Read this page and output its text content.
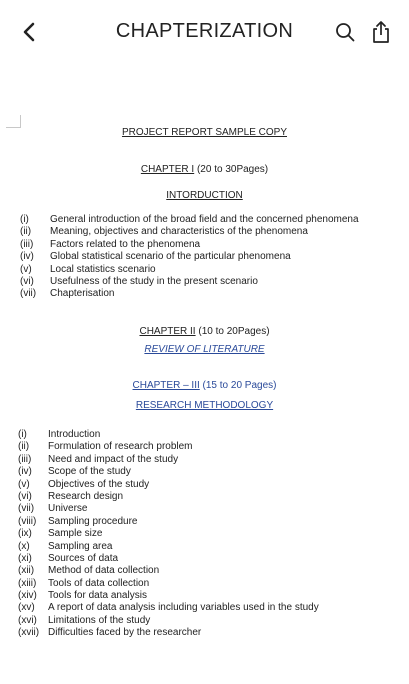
CHAPTERIZATION
PROJECT REPORT SAMPLE COPY
CHAPTER I (20 to 30Pages)
INTORDUCTION
(i) General introduction of the broad field and the concerned phenomena
(ii) Meaning, objectives and characteristics of the phenomena
(iii) Factors related to the phenomena
(iv) Global statistical scenario of the particular phenomena
(v) Local statistics scenario
(vi) Usefulness of the study in the present scenario
(vii) Chapterisation
CHAPTER II (10 to 20Pages)
REVIEW OF LITERATURE
CHAPTER – III (15 to 20 Pages)
RESEARCH METHODOLOGY
(i) Introduction
(ii) Formulation of research problem
(iii) Need and impact of the study
(iv) Scope of the study
(v) Objectives of the study
(vi) Research design
(vii) Universe
(viii) Sampling procedure
(ix) Sample size
(x) Sampling area
(xi) Sources of data
(xii) Method of data collection
(xiii) Tools of data collection
(xiv) Tools for data analysis
(xv) A report of data analysis including variables used in the study
(xvi) Limitations of the study
(xvii) Difficulties faced by the researcher
